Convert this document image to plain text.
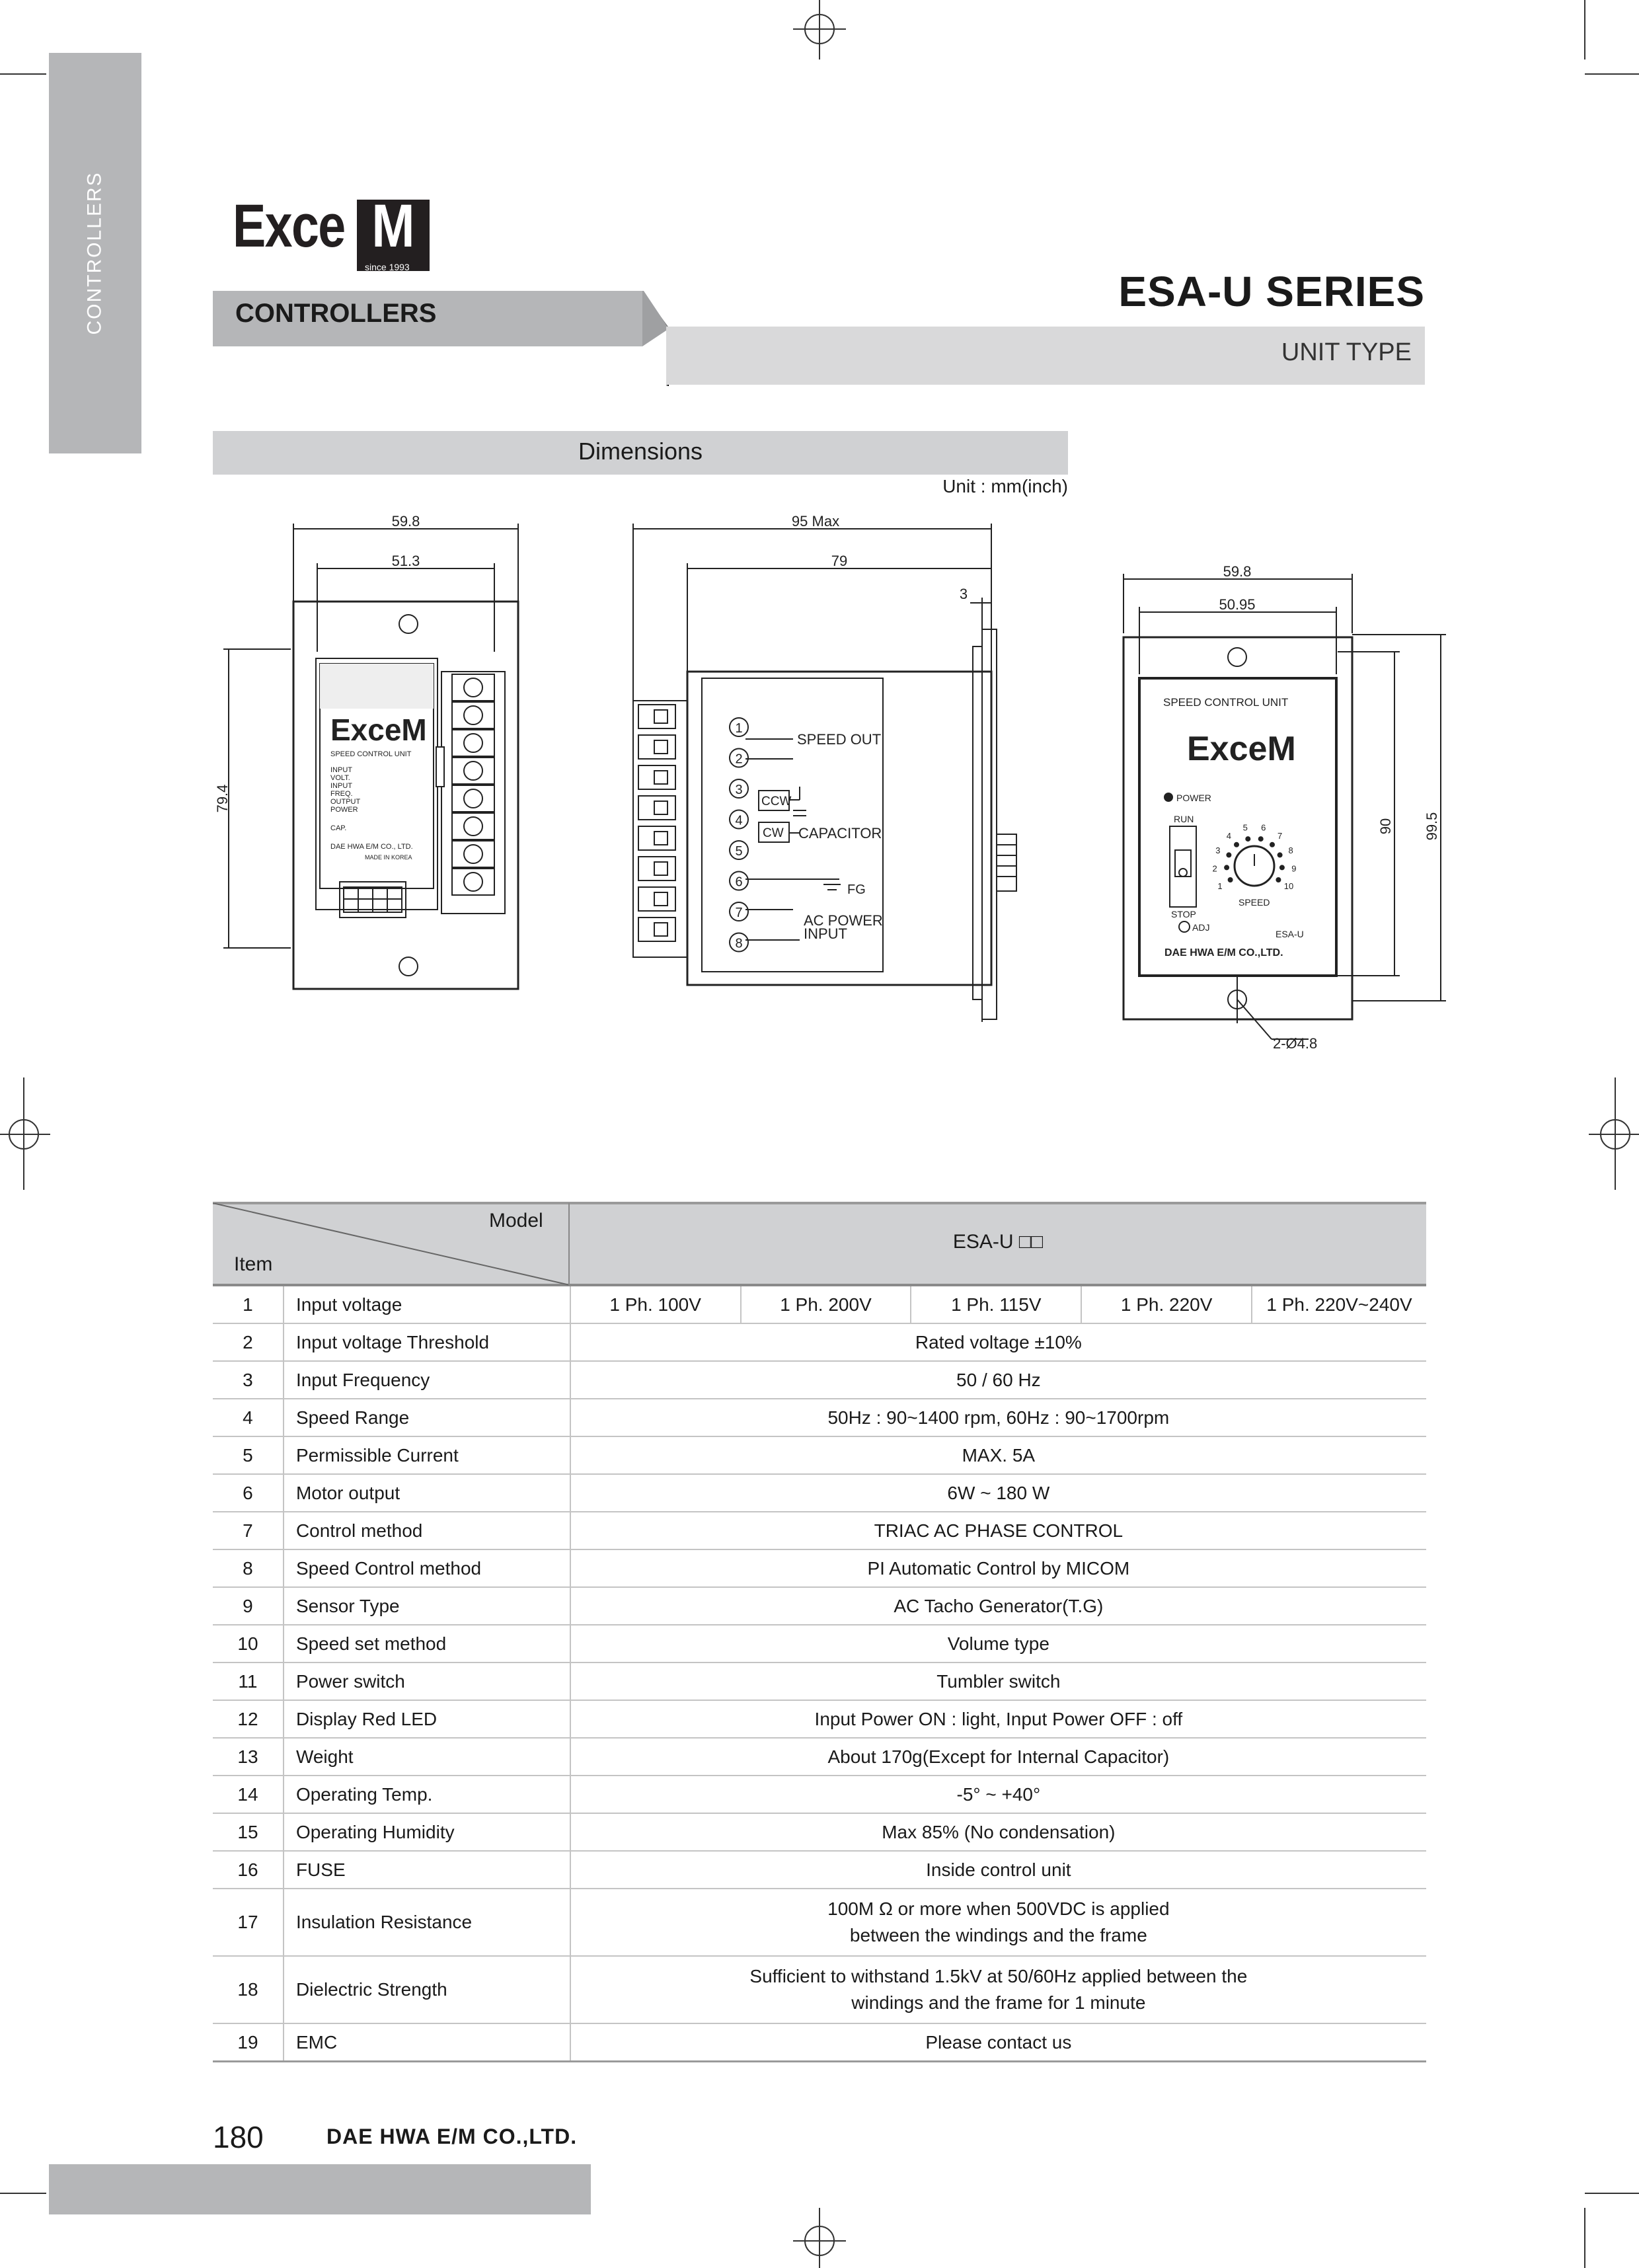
CONTROLLERS Exce M
since 1993
CONTROLLERS	ESA-U SERIES
UNIT TYPE
Dimensions
Unit : mm(inch)
59.8
51.3
79.4
ExceM
SPEED CONTROL UNIT
INPUT
VOLT.
INPUT
FREQ.
OUTPUT
POWER
CAP.
DAE HWA E/M CO., LTD.
MADE IN KOREA
95 Max
79
3
1
2
3
4
5
6
7
8
SPEED OUT
CCW
CW CAPACITOR
FG
AC POWER
INPUT
59.8
50.95
90 99.5
2-Ø4.8
SPEED CONTROL UNIT
ExceM
POWER
RUN
STOP
ADJ
1
2
3
4
5 6
7
8
9
10
SPEED
ESA-U
DAE HWA E/M CO.,LTD.
Model
Item
ESA-U □□
1	Input voltage	1 Ph. 100V	1 Ph. 200V	1 Ph. 115V	1 Ph. 220V	1 Ph. 220V~240V
2	Input voltage Threshold	Rated voltage ±10%				
3	Input Frequency	50 / 60 Hz				
4	Speed Range	50Hz : 90~1400 rpm, 60Hz : 90~1700rpm				
5	Permissible Current	MAX. 5A				
6	Motor output	6W ~ 180 W				
7	Control method	TRIAC AC PHASE CONTROL				
8	Speed Control method	PI Automatic Control by MICOM				
9	Sensor Type	AC Tacho Generator(T.G)				
10	Speed set method	Volume type				
11	Power switch	Tumbler switch				
12	Display Red LED	Input Power ON : light, Input Power OFF : off				
13	Weight	About 170g(Except for Internal Capacitor)				
14	Operating Temp.	-5° ~ +40°				
15	Operating Humidity	Max 85% (No condensation)				
16	FUSE	Inside control unit				
17	Insulation Resistance	100M Ω or more when 500VDC is applied
between the windings and the frame				

18	Dielectric Strength	Sufficient to withstand 1.5kV at 50/60Hz applied between the
windings and the frame for 1 minute				

19	EMC	Please contact us				
180	DAE HWA E/M CO.,LTD.
